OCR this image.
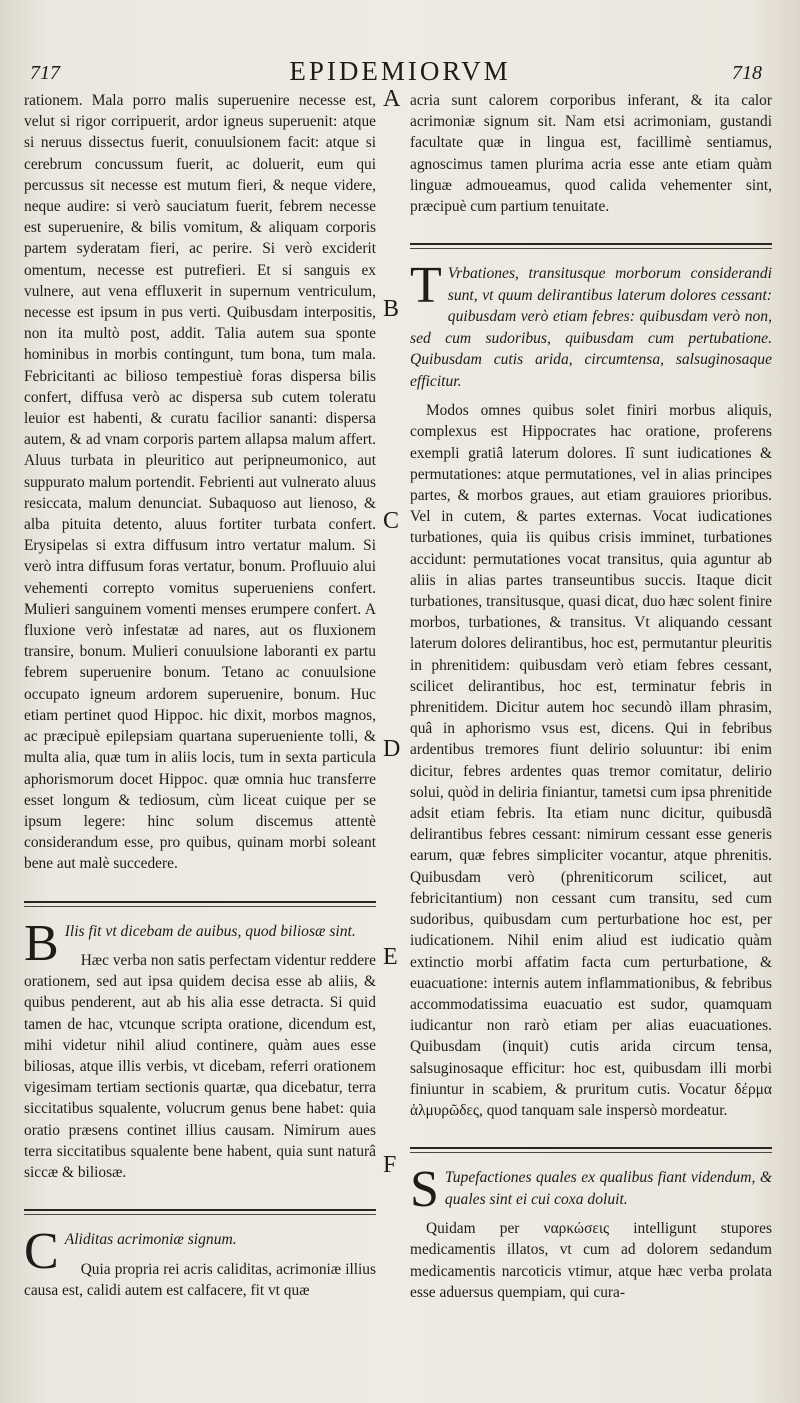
717	EPIDEMIORVM	718
A
B
C
D
E
F

rationem. Mala porro malis superuenire necesse est, velut si rigor corripuerit, ardor igneus superuenit: atque si neruus dissectus fuerit, conuulsionem facit: atque si cerebrum concussum fuerit, ac doluerit, eum qui percussus sit necesse est mutum fieri, & neque videre, neque audire: si verò sauciatum fuerit, febrem necesse est superuenire, & bilis vomitum, & aliquam corporis partem syderatam fieri, ac perire. Si verò exciderit omentum, necesse est putrefieri. Et si sanguis ex vulnere, aut vena effluxerit in supernum ventriculum, necesse est ipsum in pus verti. Quibusdam interpositis, non ita multò post, addit. Talia autem sua sponte hominibus in morbis contingunt, tum bona, tum mala. Febricitanti ac bilioso tempestiuè foras dispersa bilis confert, diffusa verò ac dispersa sub cutem toleratu leuior est habenti, & curatu facilior sananti: dispersa autem, & ad vnam corporis partem allapsa malum affert. Aluus turbata in pleuritico aut peripneumonico, aut suppurato malum portendit. Febrienti aut vulnerato aluus resiccata, malum denunciat. Subaquoso aut lienoso, & alba pituita detento, aluus fortiter turbata confert. Erysipelas si extra diffusum intro vertatur malum. Si verò intra diffusum foras vertatur, bonum. Profluuio alui vehementi correpto vomitus superueniens confert. Mulieri sanguinem vomenti menses erumpere confert. A fluxione verò infestatæ ad nares, aut os fluxionem transire, bonum. Mulieri conuulsione laboranti ex partu febrem superuenire bonum. Tetano ac conuulsione occupato igneum ardorem superuenire, bonum. Huc etiam pertinet quod Hippoc. hic dixit, morbos magnos, ac præcipuè epilepsiam quartana superueniente tolli, & multa alia, quæ tum in aliis locis, tum in sexta particula aphorismorum docet Hippoc. quæ omnia huc transferre esset longum & tediosum, cùm liceat cuique per se ipsum legere: hinc solum discemus attentè considerandum esse, pro quibus, quinam morbi soleant bene aut malè succedere.

B Ilis fit vt dicebam de auibus, quod biliosæ sint.

Hæc verba non satis perfectam videntur reddere orationem, sed aut ipsa quidem decisa esse ab aliis, & quibus penderent, aut ab his alia esse detracta. Si quid tamen de hac, vtcunque scripta oratione, dicendum est, mihi videtur nihil aliud continere, quàm aues esse biliosas, atque illis verbis, vt dicebam, referri orationem vigesimam tertiam sectionis quartæ, qua dicebatur, terra siccitatibus squalente, volucrum genus bene habet: quia oratio præsens continet illius causam. Nimirum aues terra siccitatibus squalente bene habent, quia sunt naturâ siccæ & biliosæ.

C Aliditas acrimoniæ signum.

Quia propria rei acris caliditas, acrimoniæ illius causa est, calidi autem est calfacere, fit vt quæ

acria sunt calorem corporibus inferant, & ita calor acrimoniæ signum sit. Nam etsi acrimoniam, gustandi facultate quæ in lingua est, facillimè sentiamus, agnoscimus tamen plurima acria esse ante etiam quàm linguæ admoueamus, quod calida vehementer sint, præcipuè cum partium tenuitate.

T Vrbationes, transitusque morborum considerandi sunt, vt quum delirantibus laterum dolores cessant: quibusdam verò etiam febres: quibusdam verò non, sed cum sudoribus, quibusdam cum pertubatione. Quibusdam cutis arida, circumtensa, salsuginosaque efficitur.

Modos omnes quibus solet finiri morbus aliquis, complexus est Hippocrates hac oratione, proferens exempli gratiâ laterum dolores. Iî sunt iudicationes & permutationes: atque permutationes, vel in alias principes partes, & morbos graues, aut etiam grauiores prioribus. Vel in cutem, & partes externas. Vocat iudicationes turbationes, quia iis quibus crisis imminet, turbationes accidunt: permutationes vocat transitus, quia aguntur ab aliis in alias partes transeuntibus succis. Itaque dicit turbationes, transitusque, quasi dicat, duo hæc solent finire morbos, turbationes, & transitus. Vt aliquando cessant laterum dolores delirantibus, hoc est, permutantur pleuritis in phrenitidem: quibusdam verò etiam febres cessant, scilicet delirantibus, hoc est, terminatur febris in phrenitidem. Dicitur autem hoc secundò illam phrasim, quâ in aphorismo vsus est, dicens. Qui in febribus ardentibus tremores fiunt delirio soluuntur: ibi enim dicitur, febres ardentes quas tremor comitatur, delirio solui, quòd in deliria finiantur, tametsi cum ipsa phrenitide adsit etiam febris. Ita etiam nunc dicitur, quibusdã delirantibus febres cessant: nimirum cessant esse generis earum, quæ febres simpliciter vocantur, atque phrenitis. Quibusdam verò (phreniticorum scilicet, aut febricitantium) non cessant cum transitu, sed cum sudoribus, quibusdam cum perturbatione hoc est, per iudicationem. Nihil enim aliud est iudicatio quàm extinctio morbi affatim facta cum perturbatione, & euacuatione: internis autem inflammationibus, & febribus accommodatissima euacuatio est sudor, quamquam iudicantur non rarò etiam per alias euacuationes. Quibusdam (inquit) cutis arida circum tensa, salsuginosaque efficitur: hoc est, quibusdam illi morbi finiuntur in scabiem, & pruritum cutis. Vocatur δέρμα ἁλμυρῶδες, quod tanquam sale inspersò mordeatur.

S Tupefactiones quales ex qualibus fiant videndum, & quales sint ei cui coxa doluit.

Quidam per ναρκώσεις intelligunt stupores medicamentis illatos, vt cum ad dolorem sedandum medicamentis narcoticis vtimur, atque hæc verba prolata esse aduersus quempiam, qui cura-
